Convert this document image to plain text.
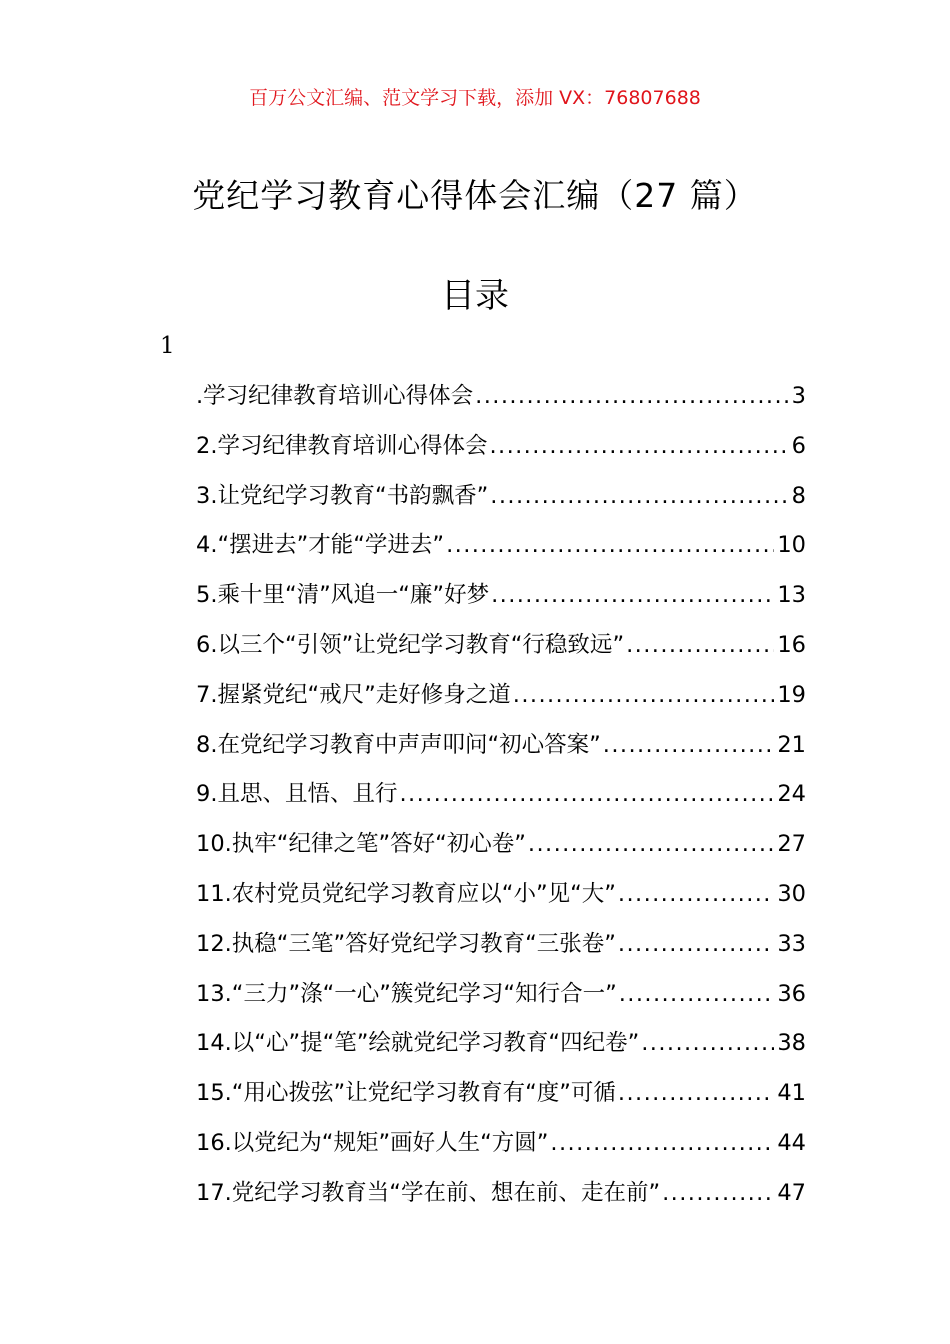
百万公文汇编、范文学习下载，添加 VX：76807688
党纪学习教育心得体会汇编（27 篇）
目录
1
.学习纪律教育培训心得体会 .....	3
2.学习纪律教育培训心得体会 .....	6
3.让党纪学习教育“书韵飘香” .....	8
4.“摆进去”才能“学进去” .....	10
5.乘十里“清”风追一“廉”好梦 .....	13
6.以三个“引领”让党纪学习教育“行稳致远” .....	16
7.握紧党纪“戒尺”走好修身之道 .....	19
8.在党纪学习教育中声声叩问“初心答案” .....	21
9.且思、且悟、且行 .....	24
10.执牢“纪律之笔”答好“初心卷” .....	27
11.农村党员党纪学习教育应以“小”见“大” .....	30
12.执稳“三笔”答好党纪学习教育“三张卷” .....	33
13.“三力”涤“一心”簇党纪学习“知行合一” .....	36
14.以“心”提“笔”绘就党纪学习教育“四纪卷” .....	38
15.“用心拨弦”让党纪学习教育有“度”可循 .....	41
16.以党纪为“规矩”画好人生“方圆” .....	44
17.党纪学习教育当“学在前、想在前、走在前” .....	47
